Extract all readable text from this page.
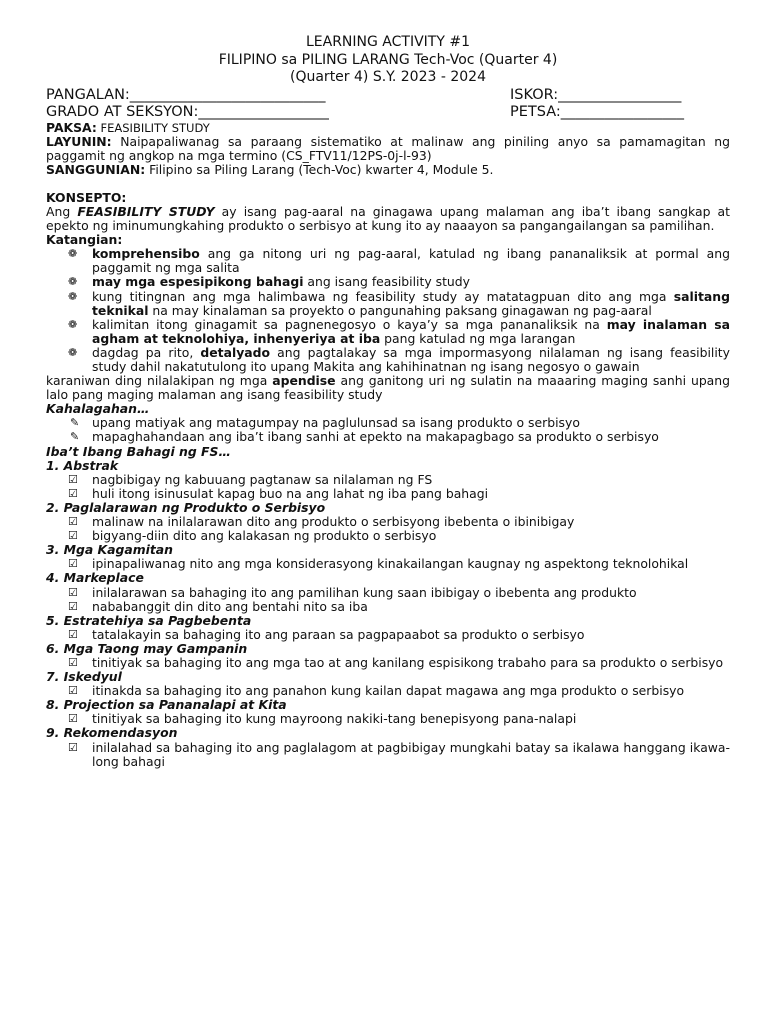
LEARNING ACTIVITY #1
FILIPINO sa PILING LARANG Tech-Voc (Quarter 4)
(Quarter 4) S.Y. 2023 - 2024
PANGALAN:___________________________	ISKOR:_________________
GRADO AT SEKSYON:__________________	PETSA:_________________
PAKSA: FEASIBILITY STUDY
LAYUNIN: Naipapaliwanag sa paraang sistematiko at malinaw ang piniling anyo sa pamamagitan ng paggamit ng angkop na mga termino (CS_FTV11/12PS-0j-l-93)
SANGGUNIAN: Filipino sa Piling Larang (Tech-Voc) kwarter 4, Module 5.
KONSEPTO:
Ang FEASIBILITY STUDY ay isang pag-aaral na ginagawa upang malaman ang iba’t ibang sangkap at epekto ng iminumungkahing produkto o serbisyo at kung ito ay naaayon sa pangangailangan sa pamilihan.
Katangian:
❁ komprehensibo ang ga nitong uri ng pag-aaral, katulad ng ibang pananaliksik at pormal ang paggamit ng mga salita
❁ may mga espesipikong bahagi ang isang feasibility study
❁ kung titingnan ang mga halimbawa ng feasibility study ay matatagpuan dito ang mga salitang teknikal na may kinalaman sa proyekto o pangunahing paksang ginagawan ng pag-aaral
❁ kalimitan itong ginagamit sa pagnenegosyo o kaya’y sa mga pananaliksik na may inalaman sa agham at teknolohiya, inhenyeriya at iba pang katulad ng mga larangan
❁ dagdag pa rito, detalyado ang pagtalakay sa mga impormasyong nilalaman ng isang feasibility study dahil nakatutulong ito upang Makita ang kahihinatnan ng isang negosyo o gawain
karaniwan ding nilalakipan ng mga apendise ang ganitong uri ng sulatin na maaaring maging sanhi upang lalo pang maging malaman ang isang feasibility study
Kahalagahan…
✎ upang matiyak ang matagumpay na paglulunsad sa isang produkto o serbisyo
✎ mapaghahandaan ang iba’t ibang sanhi at epekto na makapagbago sa produkto o serbisyo
Iba’t Ibang Bahagi ng FS…
1. Abstrak
☑ nagbibigay ng kabuuang pagtanaw sa nilalaman ng FS
☑ huli itong isinusulat kapag buo na ang lahat ng iba pang bahagi
2. Paglalarawan ng Produkto o Serbisyo
☑ malinaw na inilalarawan dito ang produkto o serbisyong ibebenta o ibinibigay
☑ bigyang-diin dito ang kalakasan ng produkto o serbisyo
3. Mga Kagamitan
☑ ipinapaliwanag nito ang mga konsiderasyong kinakailangan kaugnay ng aspektong teknolohikal
4. Markeplace
☑ inilalarawan sa bahaging ito ang pamilihan kung saan ibibigay o ibebenta ang produkto
☑ nababanggit din dito ang bentahi nito sa iba
5. Estratehiya sa Pagbebenta
☑ tatalakayin sa bahaging ito ang paraan sa pagpapaabot sa produkto o serbisyo
6. Mga Taong may Gampanin
☑ tinitiyak sa bahaging ito ang mga tao at ang kanilang espisikong trabaho para sa produkto o serbisyo
7. Iskedyul
☑ itinakda sa bahaging ito ang panahon kung kailan dapat magawa ang mga produkto o serbisyo
8. Projection sa Pananalapi at Kita
☑ tinitiyak sa bahaging ito kung mayroong nakiki-tang benepisyong pana-nalapi
9. Rekomendasyon
☑ inilalahad sa bahaging ito ang paglalagom at pagbibigay mungkahi batay sa ikalawa hanggang ikawa-long bahagi
